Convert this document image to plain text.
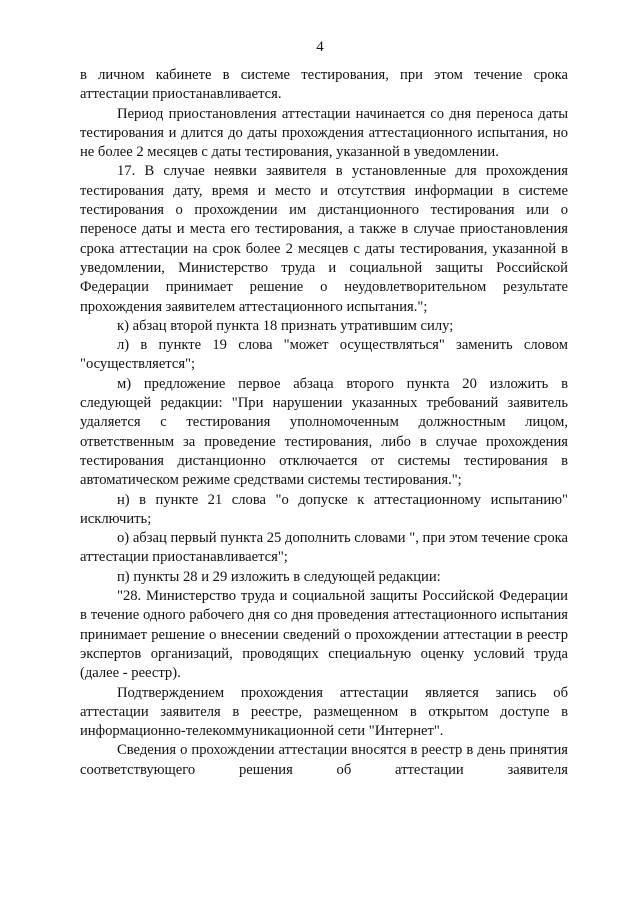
4

в личном кабинете в системе тестирования, при этом течение срока аттестации приостанавливается.

Период приостановления аттестации начинается со дня переноса даты тестирования и длится до даты прохождения аттестационного испытания, но не более 2 месяцев с даты тестирования, указанной в уведомлении.

17. В случае неявки заявителя в установленные для прохождения тестирования дату, время и место и отсутствия информации в системе тестирования о прохождении им дистанционного тестирования или о переносе даты и места его тестирования, а также в случае приостановления срока аттестации на срок более 2 месяцев с даты тестирования, указанной в уведомлении, Министерство труда и социальной защиты Российской Федерации принимает решение о неудовлетворительном результате прохождения заявителем аттестационного испытания.";

к) абзац второй пункта 18 признать утратившим силу;

л) в пункте 19 слова "может осуществляться" заменить словом "осуществляется";

м) предложение первое абзаца второго пункта 20 изложить в следующей редакции: "При нарушении указанных требований заявитель удаляется с тестирования уполномоченным должностным лицом, ответственным за проведение тестирования, либо в случае прохождения тестирования дистанционно отключается от системы тестирования в автоматическом режиме средствами системы тестирования.";

н) в пункте 21 слова "о допуске к аттестационному испытанию" исключить;

о) абзац первый пункта 25 дополнить словами ", при этом течение срока аттестации приостанавливается";

п) пункты 28 и 29 изложить в следующей редакции:

"28. Министерство труда и социальной защиты Российской Федерации в течение одного рабочего дня со дня проведения аттестационного испытания принимает решение о внесении сведений о прохождении аттестации в реестр экспертов организаций, проводящих специальную оценку условий труда (далее - реестр).

Подтверждением прохождения аттестации является запись об аттестации заявителя в реестре, размещенном в открытом доступе в информационно-телекоммуникационной сети "Интернет".

Сведения о прохождении аттестации вносятся в реестр в день принятия соответствующего решения об аттестации заявителя
